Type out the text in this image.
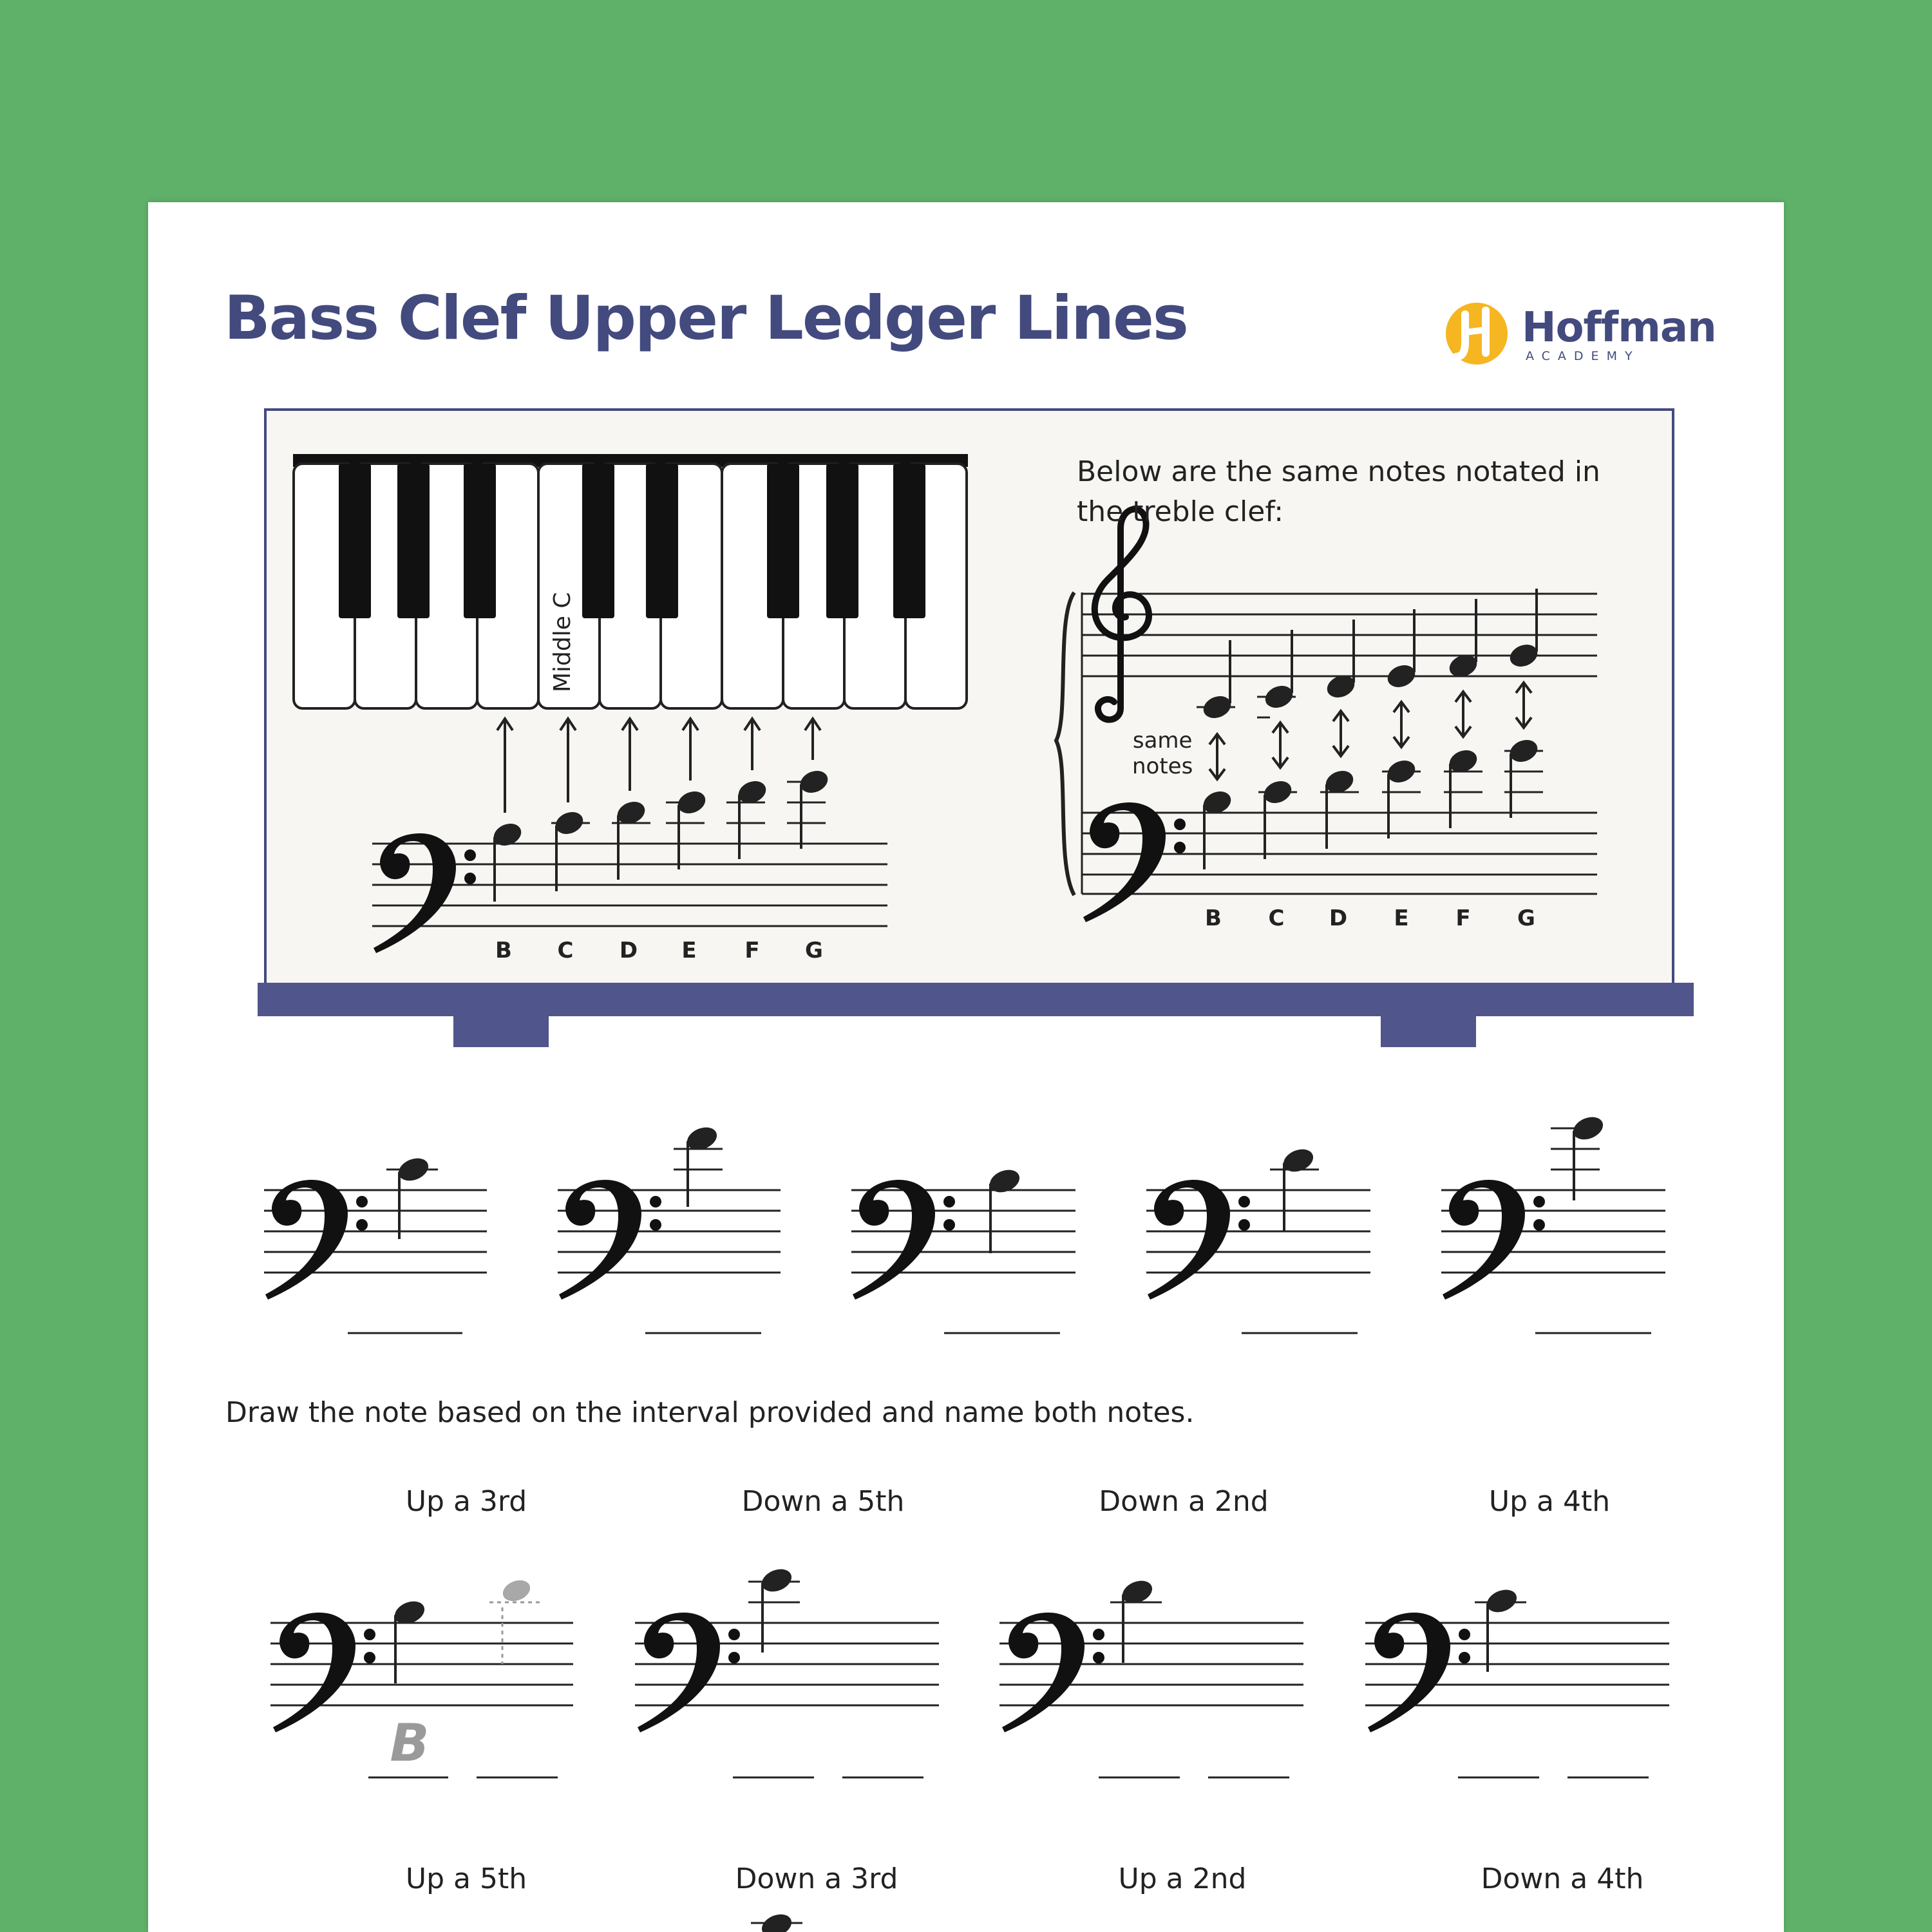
Bass Clef Upper Ledger Lines	Hoffman
ACADEMY
Middle C

Below are the same notes notated in the treble clef:

same
notes
B C D E F G
B C D E F G

Draw the note based on the interval provided and name both notes.

Up a 3rd	Down a 5th	Down a 2nd	Up a 4th
B
Up a 5th	Down a 3rd	Up a 2nd	Down a 4th
